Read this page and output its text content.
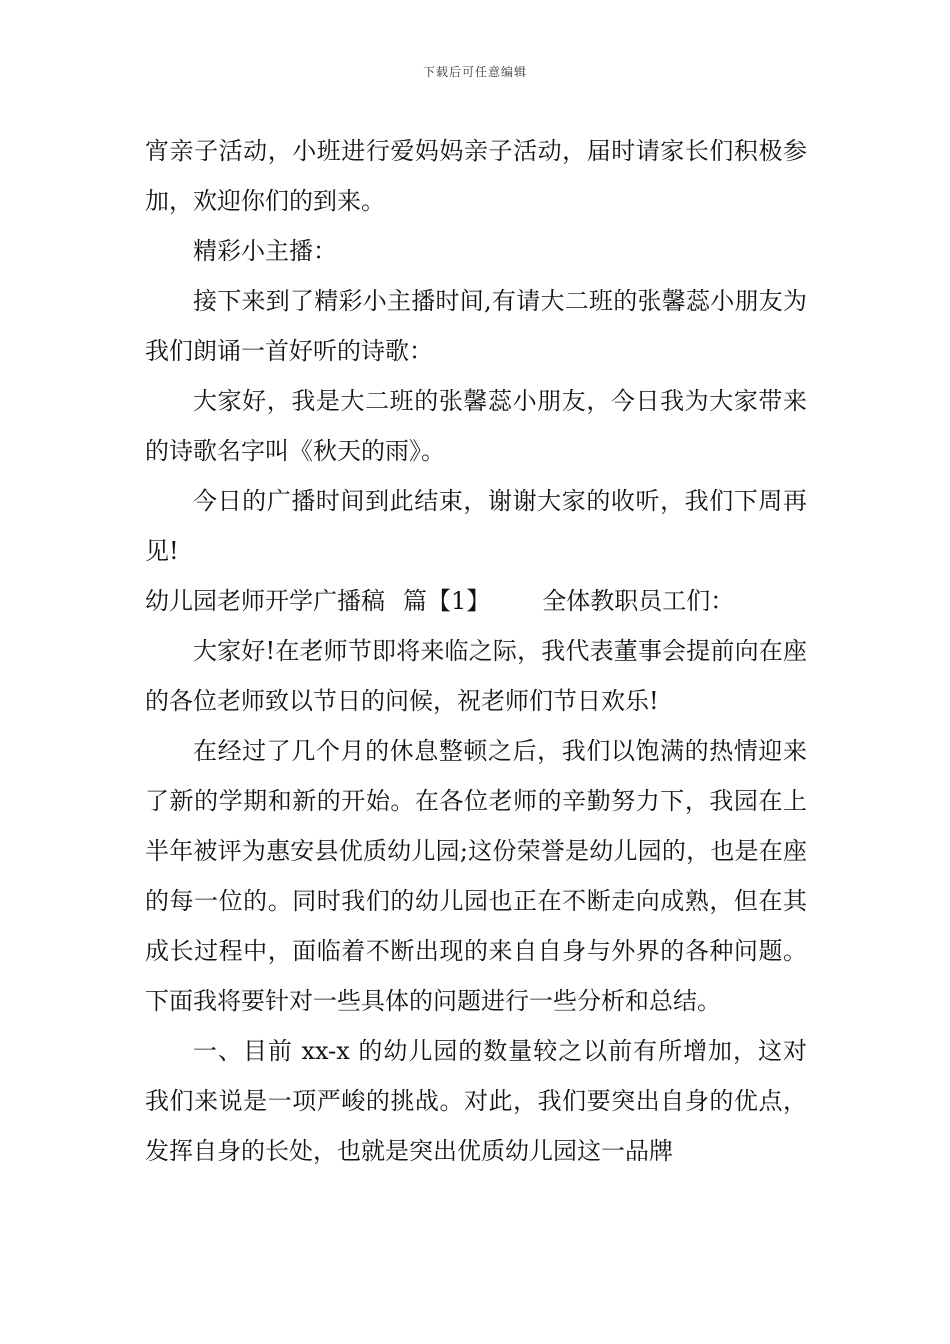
下载后可任意编辑

宵亲子活动，小班进行爱妈妈亲子活动，届时请家长们积极参加，欢迎你们的到来。

精彩小主播：

接下来到了精彩小主播时间,有请大二班的张馨蕊小朋友为我们朗诵一首好听的诗歌：

大家好，我是大二班的张馨蕊小朋友，今日我为大家带来的诗歌名字叫《秋天的雨》。

今日的广播时间到此结束，谢谢大家的收听，我们下周再见!

幼儿园老师开学广播稿 篇【1】 全体教职员工们：

大家好!在老师节即将来临之际，我代表董事会提前向在座的各位老师致以节日的问候，祝老师们节日欢乐!

在经过了几个月的休息整顿之后，我们以饱满的热情迎来了新的学期和新的开始。在各位老师的辛勤努力下，我园在上半年被评为惠安县优质幼儿园;这份荣誉是幼儿园的，也是在座的每一位的。同时我们的幼儿园也正在不断走向成熟，但在其成长过程中，面临着不断出现的来自自身与外界的各种问题。下面我将要针对一些具体的问题进行一些分析和总结。

一、目前 xx-x 的幼儿园的数量较之以前有所增加，这对我们来说是一项严峻的挑战。对此，我们要突出自身的优点，发挥自身的长处，也就是突出优质幼儿园这一品牌
